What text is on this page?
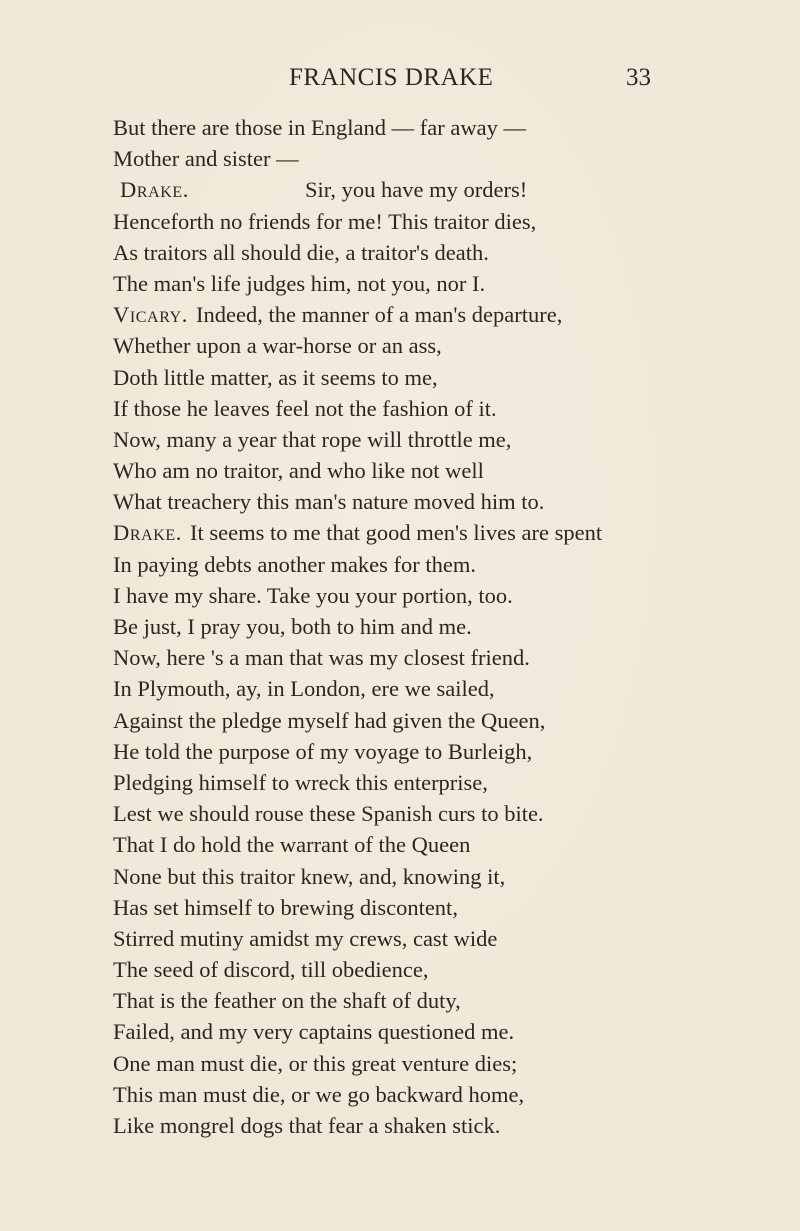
FRANCIS DRAKE	33
But there are those in England — far away —
Mother and sister —
Drake.	Sir, you have my orders!
Henceforth no friends for me! This traitor dies,
As traitors all should die, a traitor's death.
The man's life judges him, not you, nor I.
Vicary. Indeed, the manner of a man's departure,
Whether upon a war-horse or an ass,
Doth little matter, as it seems to me,
If those he leaves feel not the fashion of it.
Now, many a year that rope will throttle me,
Who am no traitor, and who like not well
What treachery this man's nature moved him to.
Drake. It seems to me that good men's lives are spent
In paying debts another makes for them.
I have my share. Take you your portion, too.
Be just, I pray you, both to him and me.
Now, here 's a man that was my closest friend.
In Plymouth, ay, in London, ere we sailed,
Against the pledge myself had given the Queen,
He told the purpose of my voyage to Burleigh,
Pledging himself to wreck this enterprise,
Lest we should rouse these Spanish curs to bite.
That I do hold the warrant of the Queen
None but this traitor knew, and, knowing it,
Has set himself to brewing discontent,
Stirred mutiny amidst my crews, cast wide
The seed of discord, till obedience,
That is the feather on the shaft of duty,
Failed, and my very captains questioned me.
One man must die, or this great venture dies;
This man must die, or we go backward home,
Like mongrel dogs that fear a shaken stick.
